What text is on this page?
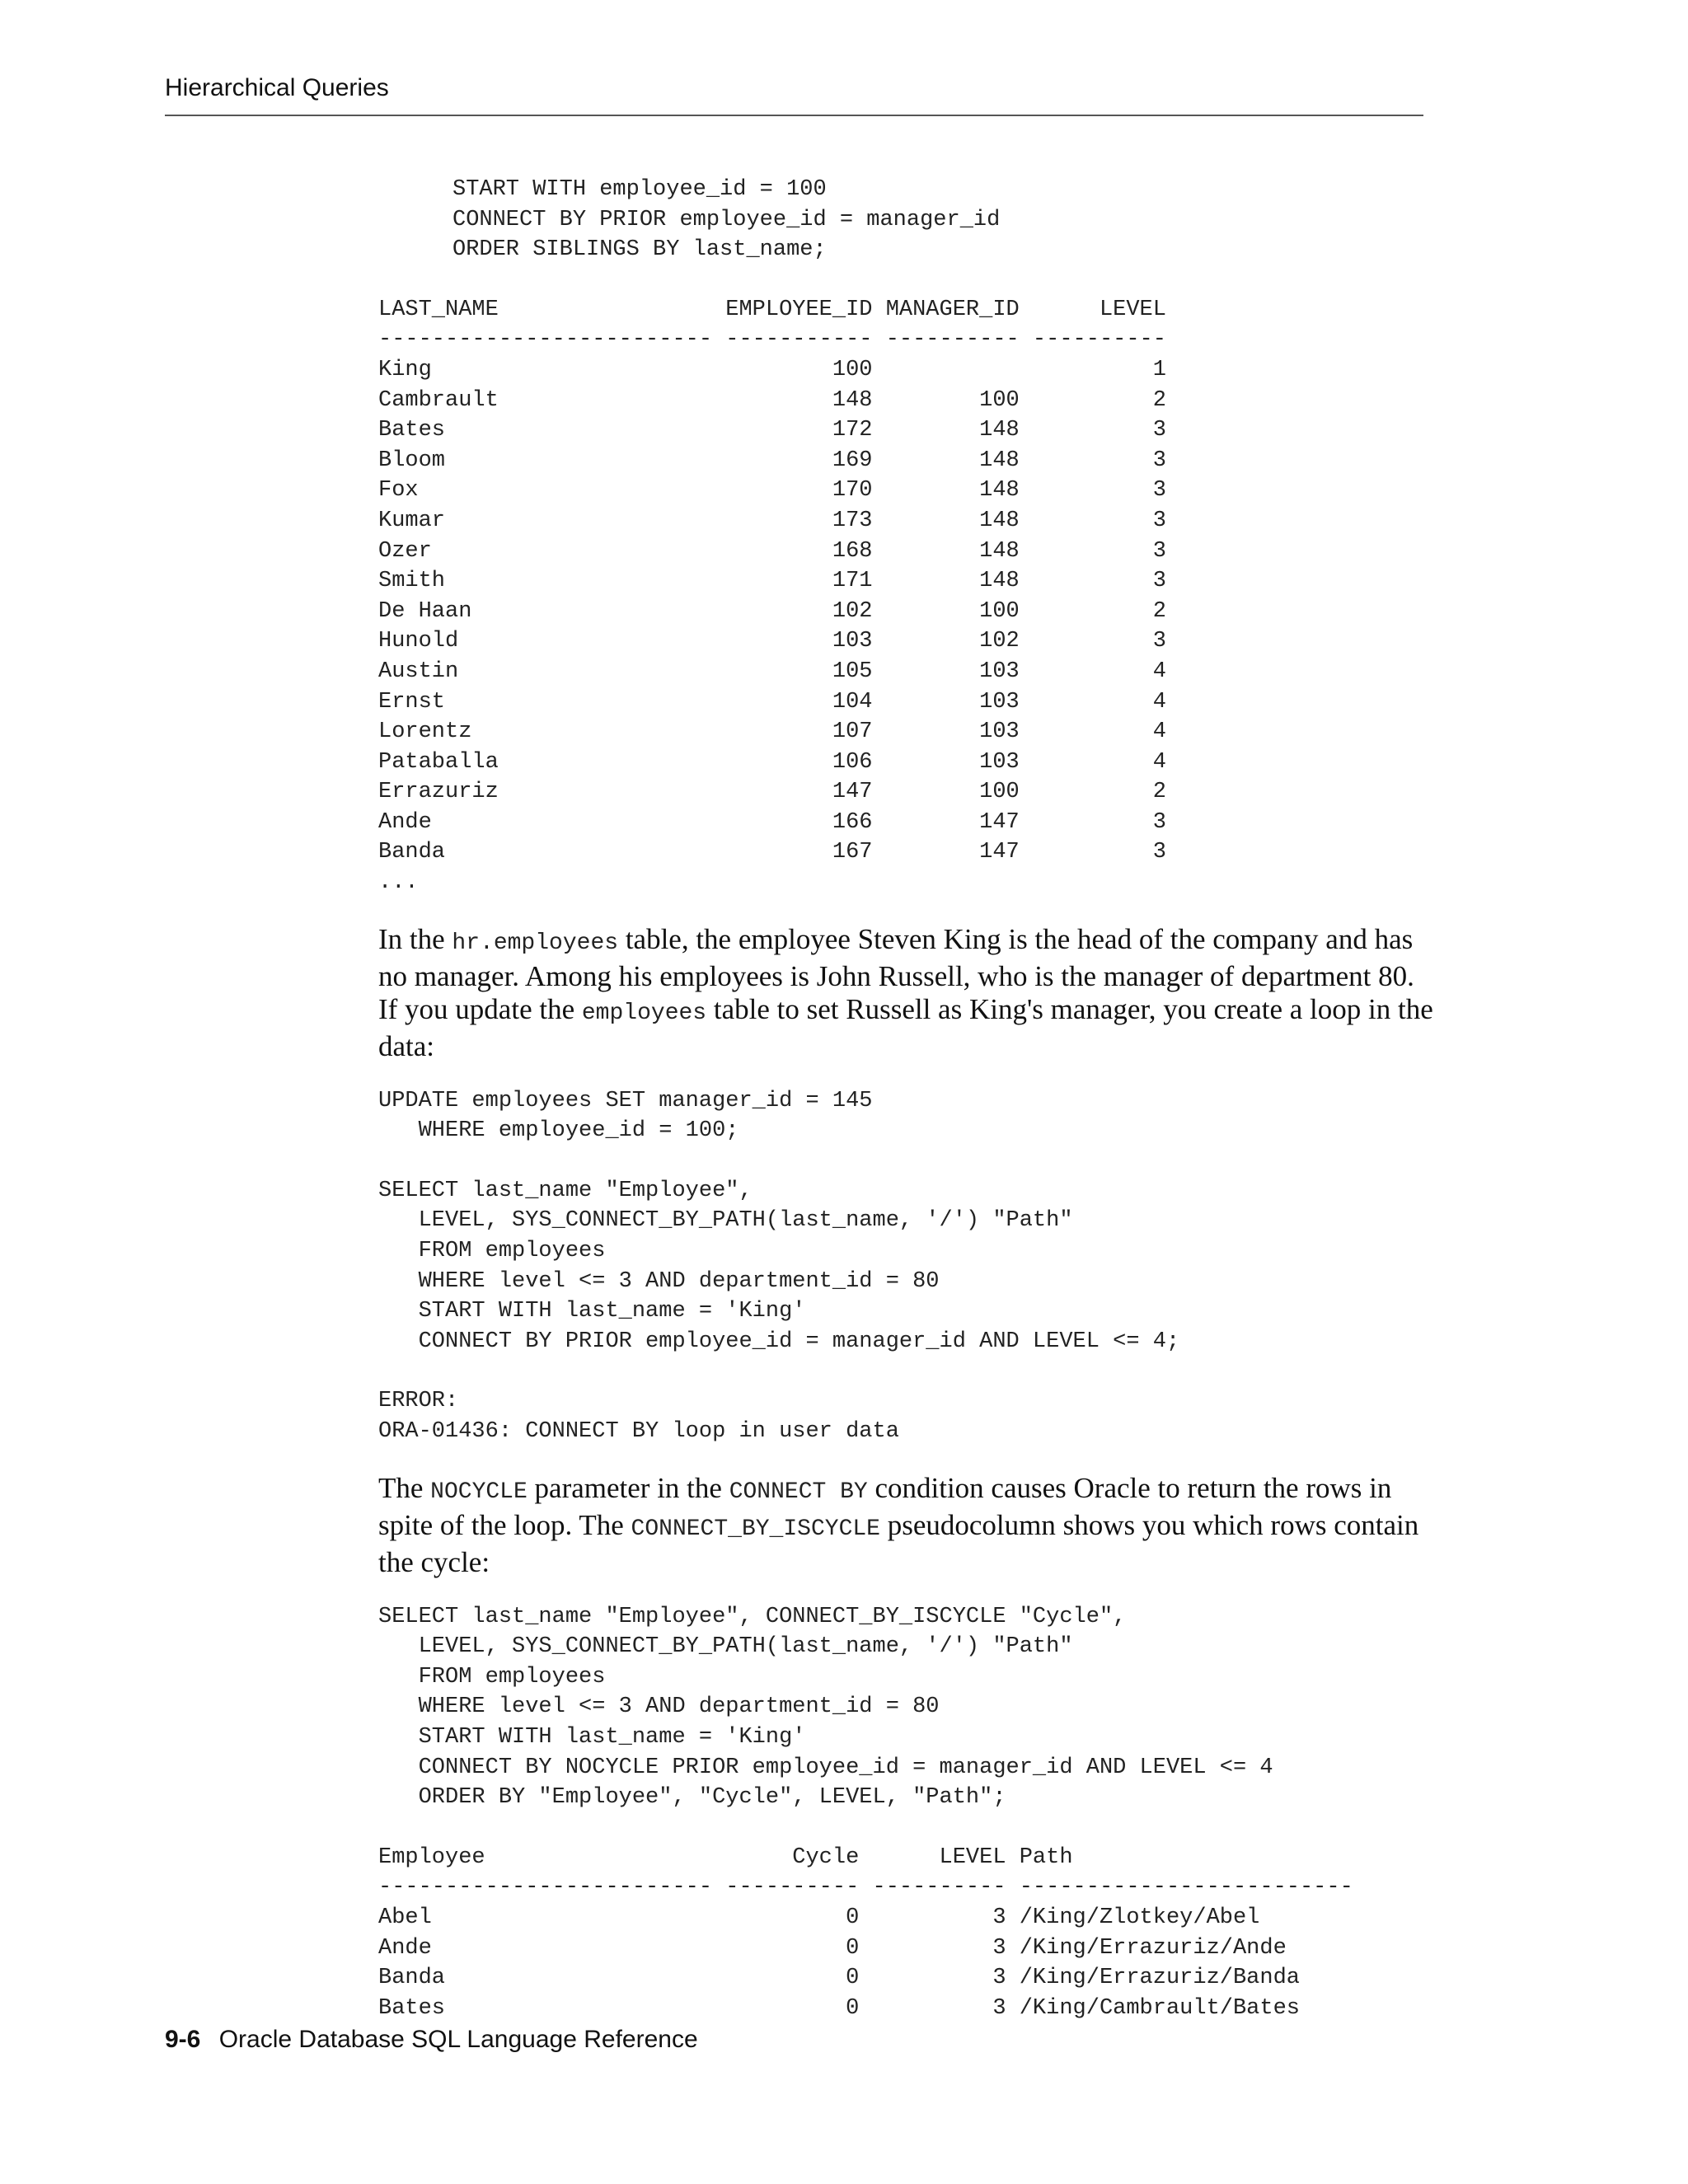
Hierarchical Queries
START WITH employee_id = 100
CONNECT BY PRIOR employee_id = manager_id
ORDER SIBLINGS BY last_name;
LAST_NAME                 EMPLOYEE_ID MANAGER_ID      LEVEL
------------------------- ----------- ---------- ----------
King                              100                     1
Cambrault                         148        100          2
Bates                             172        148          3
Bloom                             169        148          3
Fox                               170        148          3
Kumar                             173        148          3
Ozer                              168        148          3
Smith                             171        148          3
De Haan                           102        100          2
Hunold                            103        102          3
Austin                            105        103          4
Ernst                             104        103          4
Lorentz                           107        103          4
Pataballa                         106        103          4
Errazuriz                         147        100          2
Ande                              166        147          3
Banda                             167        147          3
...

In the hr.employees table, the employee Steven King is the head of the company and has no manager. Among his employees is John Russell, who is the manager of department 80. If you update the employees table to set Russell as King's manager, you create a loop in the data:

UPDATE employees SET manager_id = 145
WHERE employee_id = 100;
SELECT last_name "Employee",
LEVEL, SYS_CONNECT_BY_PATH(last_name, '/') "Path"
FROM employees
WHERE level <= 3 AND department_id = 80
START WITH last_name = 'King'
CONNECT BY PRIOR employee_id = manager_id AND LEVEL <= 4;
ERROR:
ORA-01436: CONNECT BY loop in user data

The NOCYCLE parameter in the CONNECT BY condition causes Oracle to return the rows in spite of the loop. The CONNECT_BY_ISCYCLE pseudocolumn shows you which rows contain the cycle:

SELECT last_name "Employee", CONNECT_BY_ISCYCLE "Cycle",
LEVEL, SYS_CONNECT_BY_PATH(last_name, '/') "Path"
FROM employees
WHERE level <= 3 AND department_id = 80
START WITH last_name = 'King'
CONNECT BY NOCYCLE PRIOR employee_id = manager_id AND LEVEL <= 4
ORDER BY "Employee", "Cycle", LEVEL, "Path";
Employee                       Cycle      LEVEL Path
------------------------- ---------- ---------- -------------------------
Abel                               0          3 /King/Zlotkey/Abel
Ande                               0          3 /King/Errazuriz/Ande
Banda                              0          3 /King/Errazuriz/Banda
Bates                              0          3 /King/Cambrault/Bates
9-6 Oracle Database SQL Language Reference
